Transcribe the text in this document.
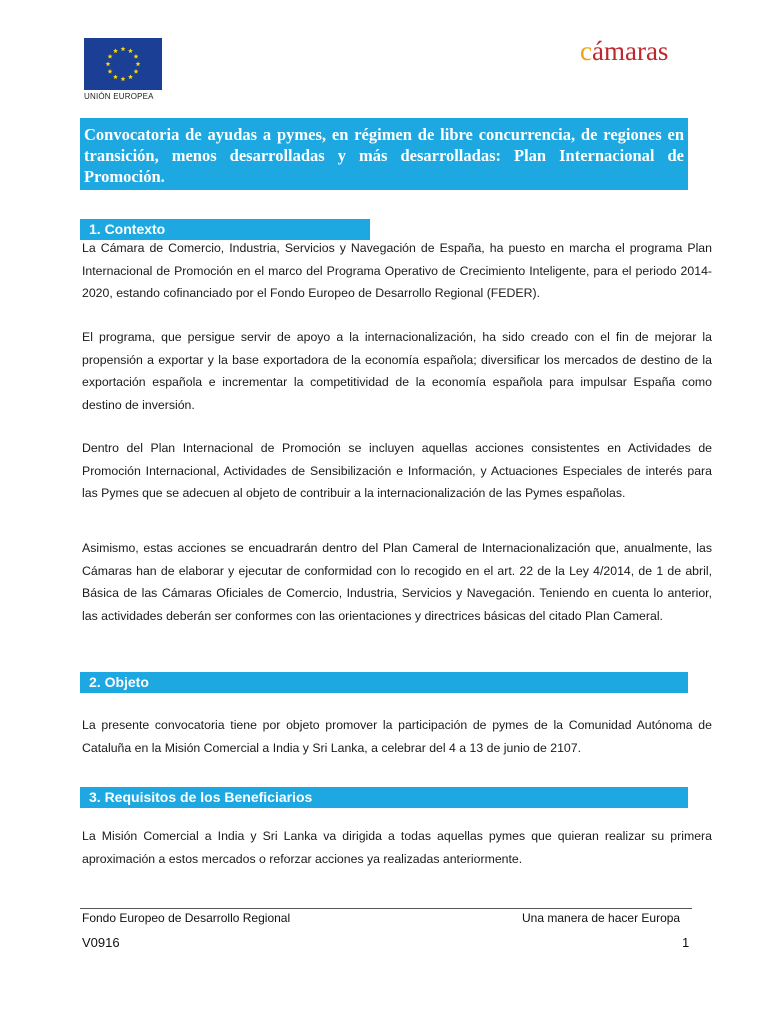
UNIÓN EUROPEA
cámaras

Convocatoria de ayudas a pymes, en régimen de libre concurrencia, de regiones en transición, menos desarrolladas y más desarrolladas: Plan Internacional de Promoción.

1. Contexto

La Cámara de Comercio, Industria, Servicios y Navegación de España, ha puesto en marcha el programa Plan Internacional de Promoción en el marco del Programa Operativo de Crecimiento Inteligente, para el periodo 2014-2020, estando cofinanciado por el Fondo Europeo de Desarrollo Regional (FEDER).

El programa, que persigue servir de apoyo a la internacionalización, ha sido creado con el fin de mejorar la propensión a exportar y la base exportadora de la economía española; diversificar los mercados de destino de la exportación española e incrementar la competitividad de la economía española para impulsar España como destino de inversión.

Dentro del Plan Internacional de Promoción se incluyen aquellas acciones consistentes en Actividades de Promoción Internacional, Actividades de Sensibilización e Información, y Actuaciones Especiales de interés para las Pymes que se adecuen al objeto de contribuir a la internacionalización de las Pymes españolas.

Asimismo, estas acciones se encuadrarán dentro del Plan Cameral de Internacionalización que, anualmente, las Cámaras han de elaborar y ejecutar de conformidad con lo recogido en el art. 22 de la Ley 4/2014, de 1 de abril, Básica de las Cámaras Oficiales de Comercio, Industria, Servicios y Navegación. Teniendo en cuenta lo anterior, las actividades deberán ser conformes con las orientaciones y directrices básicas del citado Plan Cameral.

2. Objeto

La presente convocatoria tiene por objeto promover la participación de pymes de la Comunidad Autónoma de Cataluña en la Misión Comercial a India y Sri Lanka, a celebrar del 4 a 13 de junio de 2107.

3. Requisitos de los Beneficiarios

La Misión Comercial a India y Sri Lanka va dirigida a todas aquellas pymes que quieran realizar su primera aproximación a estos mercados o reforzar acciones ya realizadas anteriormente.

Fondo Europeo de Desarrollo Regional	Una manera de hacer Europa
V0916	1
